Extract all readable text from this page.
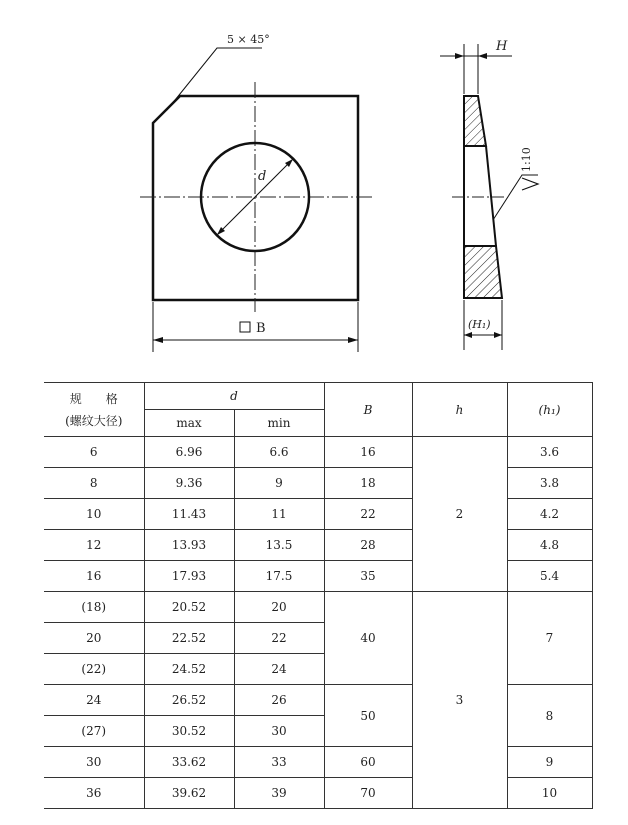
d
5 × 45°
B
H
1:10
(H₁)
规　　格
(螺纹大径)	d		B	h	(h₁)
	max	min			
6	6.96	6.6	16	2	3.6
8	9.36	9	18		3.8
10	11.43	11	22		4.2
12	13.93	13.5	28		4.8
16	17.93	17.5	35		5.4
(18)	20.52	20	40	3	7
20	22.52	22			
(22)	24.52	24			
24	26.52	26	50		8
(27)	30.52	30			
30	33.62	33	60		9
36	39.62	39	70		10
